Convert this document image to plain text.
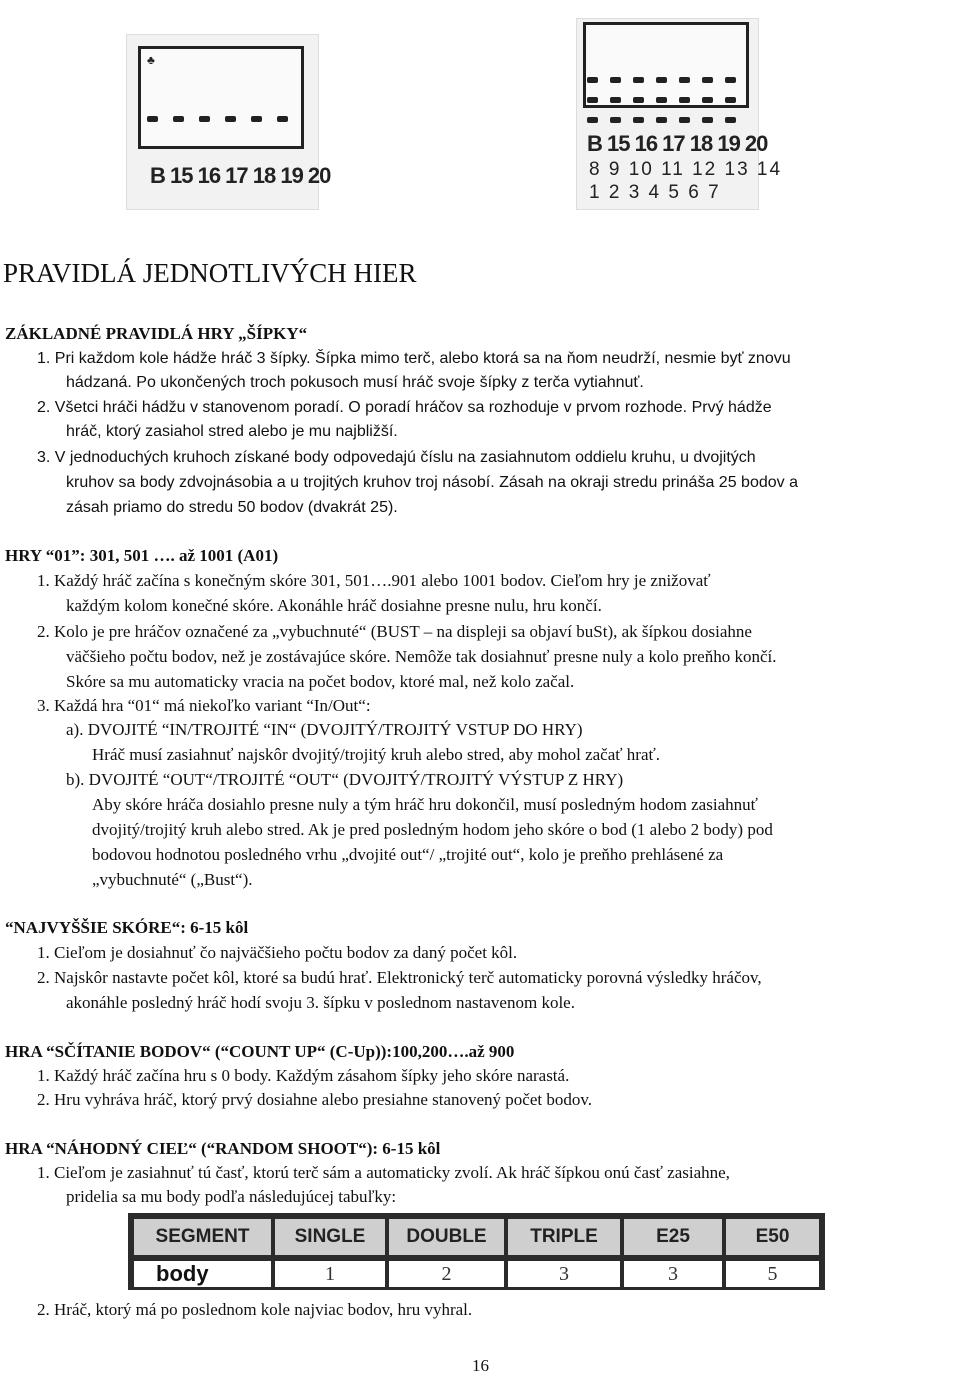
♣
B 15 16 17 18 19 20
B 15 16 17 18 19 20
8 9 10 11 12 13 14
1 2 3 4 5 6 7
PRAVIDLÁ JEDNOTLIVÝCH HIER
ZÁKLADNÉ PRAVIDLÁ HRY „ŠÍPKY“
1. Pri každom kole hádže hráč 3 šípky. Šípka mimo terč, alebo ktorá sa na ňom neudrží, nesmie byť znovu
hádzaná. Po ukončených troch pokusoch musí hráč svoje šípky z terča vytiahnuť.
2. Všetci hráči hádžu v stanovenom poradí. O poradí hráčov sa rozhoduje v prvom rozhode. Prvý hádže
hráč, ktorý zasiahol stred alebo je mu najbližší.
3. V jednoduchých kruhoch získané body odpovedajú číslu na zasiahnutom oddielu kruhu, u dvojitých
kruhov sa body zdvojnásobia a u trojitých kruhov troj násobí. Zásah na okraji stredu prináša 25 bodov a
zásah priamo do stredu 50 bodov (dvakrát 25).
HRY “01”: 301, 501 …. až 1001 (A01)
1. Každý hráč začína s konečným skóre 301, 501….901 alebo 1001 bodov. Cieľom hry je znižovať
každým kolom konečné skóre. Akonáhle hráč dosiahne presne nulu, hru končí.
2. Kolo je pre hráčov označené za „vybuchnuté“ (BUST – na displeji sa objaví buSt), ak šípkou dosiahne
väčšieho počtu bodov, než je zostávajúce skóre. Nemôže tak dosiahnuť presne nuly a kolo preňho končí.
Skóre sa mu automaticky vracia na počet bodov, ktoré mal, než kolo začal.
3. Každá hra “01“ má niekoľko variant “In/Out“:
a). DVOJITÉ “IN/TROJITÉ “IN“ (DVOJITÝ/TROJITÝ VSTUP DO HRY)
Hráč musí zasiahnuť najskôr dvojitý/trojitý kruh alebo stred, aby mohol začať hrať.
b). DVOJITÉ “OUT“/TROJITÉ “OUT“ (DVOJITÝ/TROJITÝ VÝSTUP Z HRY)
Aby skóre hráča dosiahlo presne nuly a tým hráč hru dokončil, musí posledným hodom zasiahnuť
dvojitý/trojitý kruh alebo stred. Ak je pred posledným hodom jeho skóre o bod (1 alebo 2 body) pod
bodovou hodnotou posledného vrhu „dvojité out“/ „trojité out“, kolo je preňho prehlásené za
„vybuchnuté“ („Bust“).
“NAJVYŠŠIE SKÓRE“: 6-15 kôl
1. Cieľom je dosiahnuť čo najväčšieho počtu bodov za daný počet kôl.
2. Najskôr nastavte počet kôl, ktoré sa budú hrať. Elektronický terč automaticky porovná výsledky hráčov,
akonáhle posledný hráč hodí svoju 3. šípku v poslednom nastavenom kole.
HRA “SČÍTANIE BODOV“ (“COUNT UP“ (C-Up)):100,200….až 900
1. Každý hráč začína hru s 0 body. Každým zásahom šípky jeho skóre narastá.
2. Hru vyhráva hráč, ktorý prvý dosiahne alebo presiahne stanovený počet bodov.
HRA “NÁHODNÝ CIEĽ“ (“RANDOM SHOOT“): 6-15 kôl
1. Cieľom je zasiahnuť tú časť, ktorú terč sám a automaticky zvolí. Ak hráč šípkou onú časť zasiahne,
pridelia sa mu body podľa následujúcej tabuľky:
SEGMENT	SINGLE	DOUBLE	TRIPLE	E25	E50
body	1	2	3	3	5
2. Hráč, ktorý má po poslednom kole najviac bodov, hru vyhral.
16
